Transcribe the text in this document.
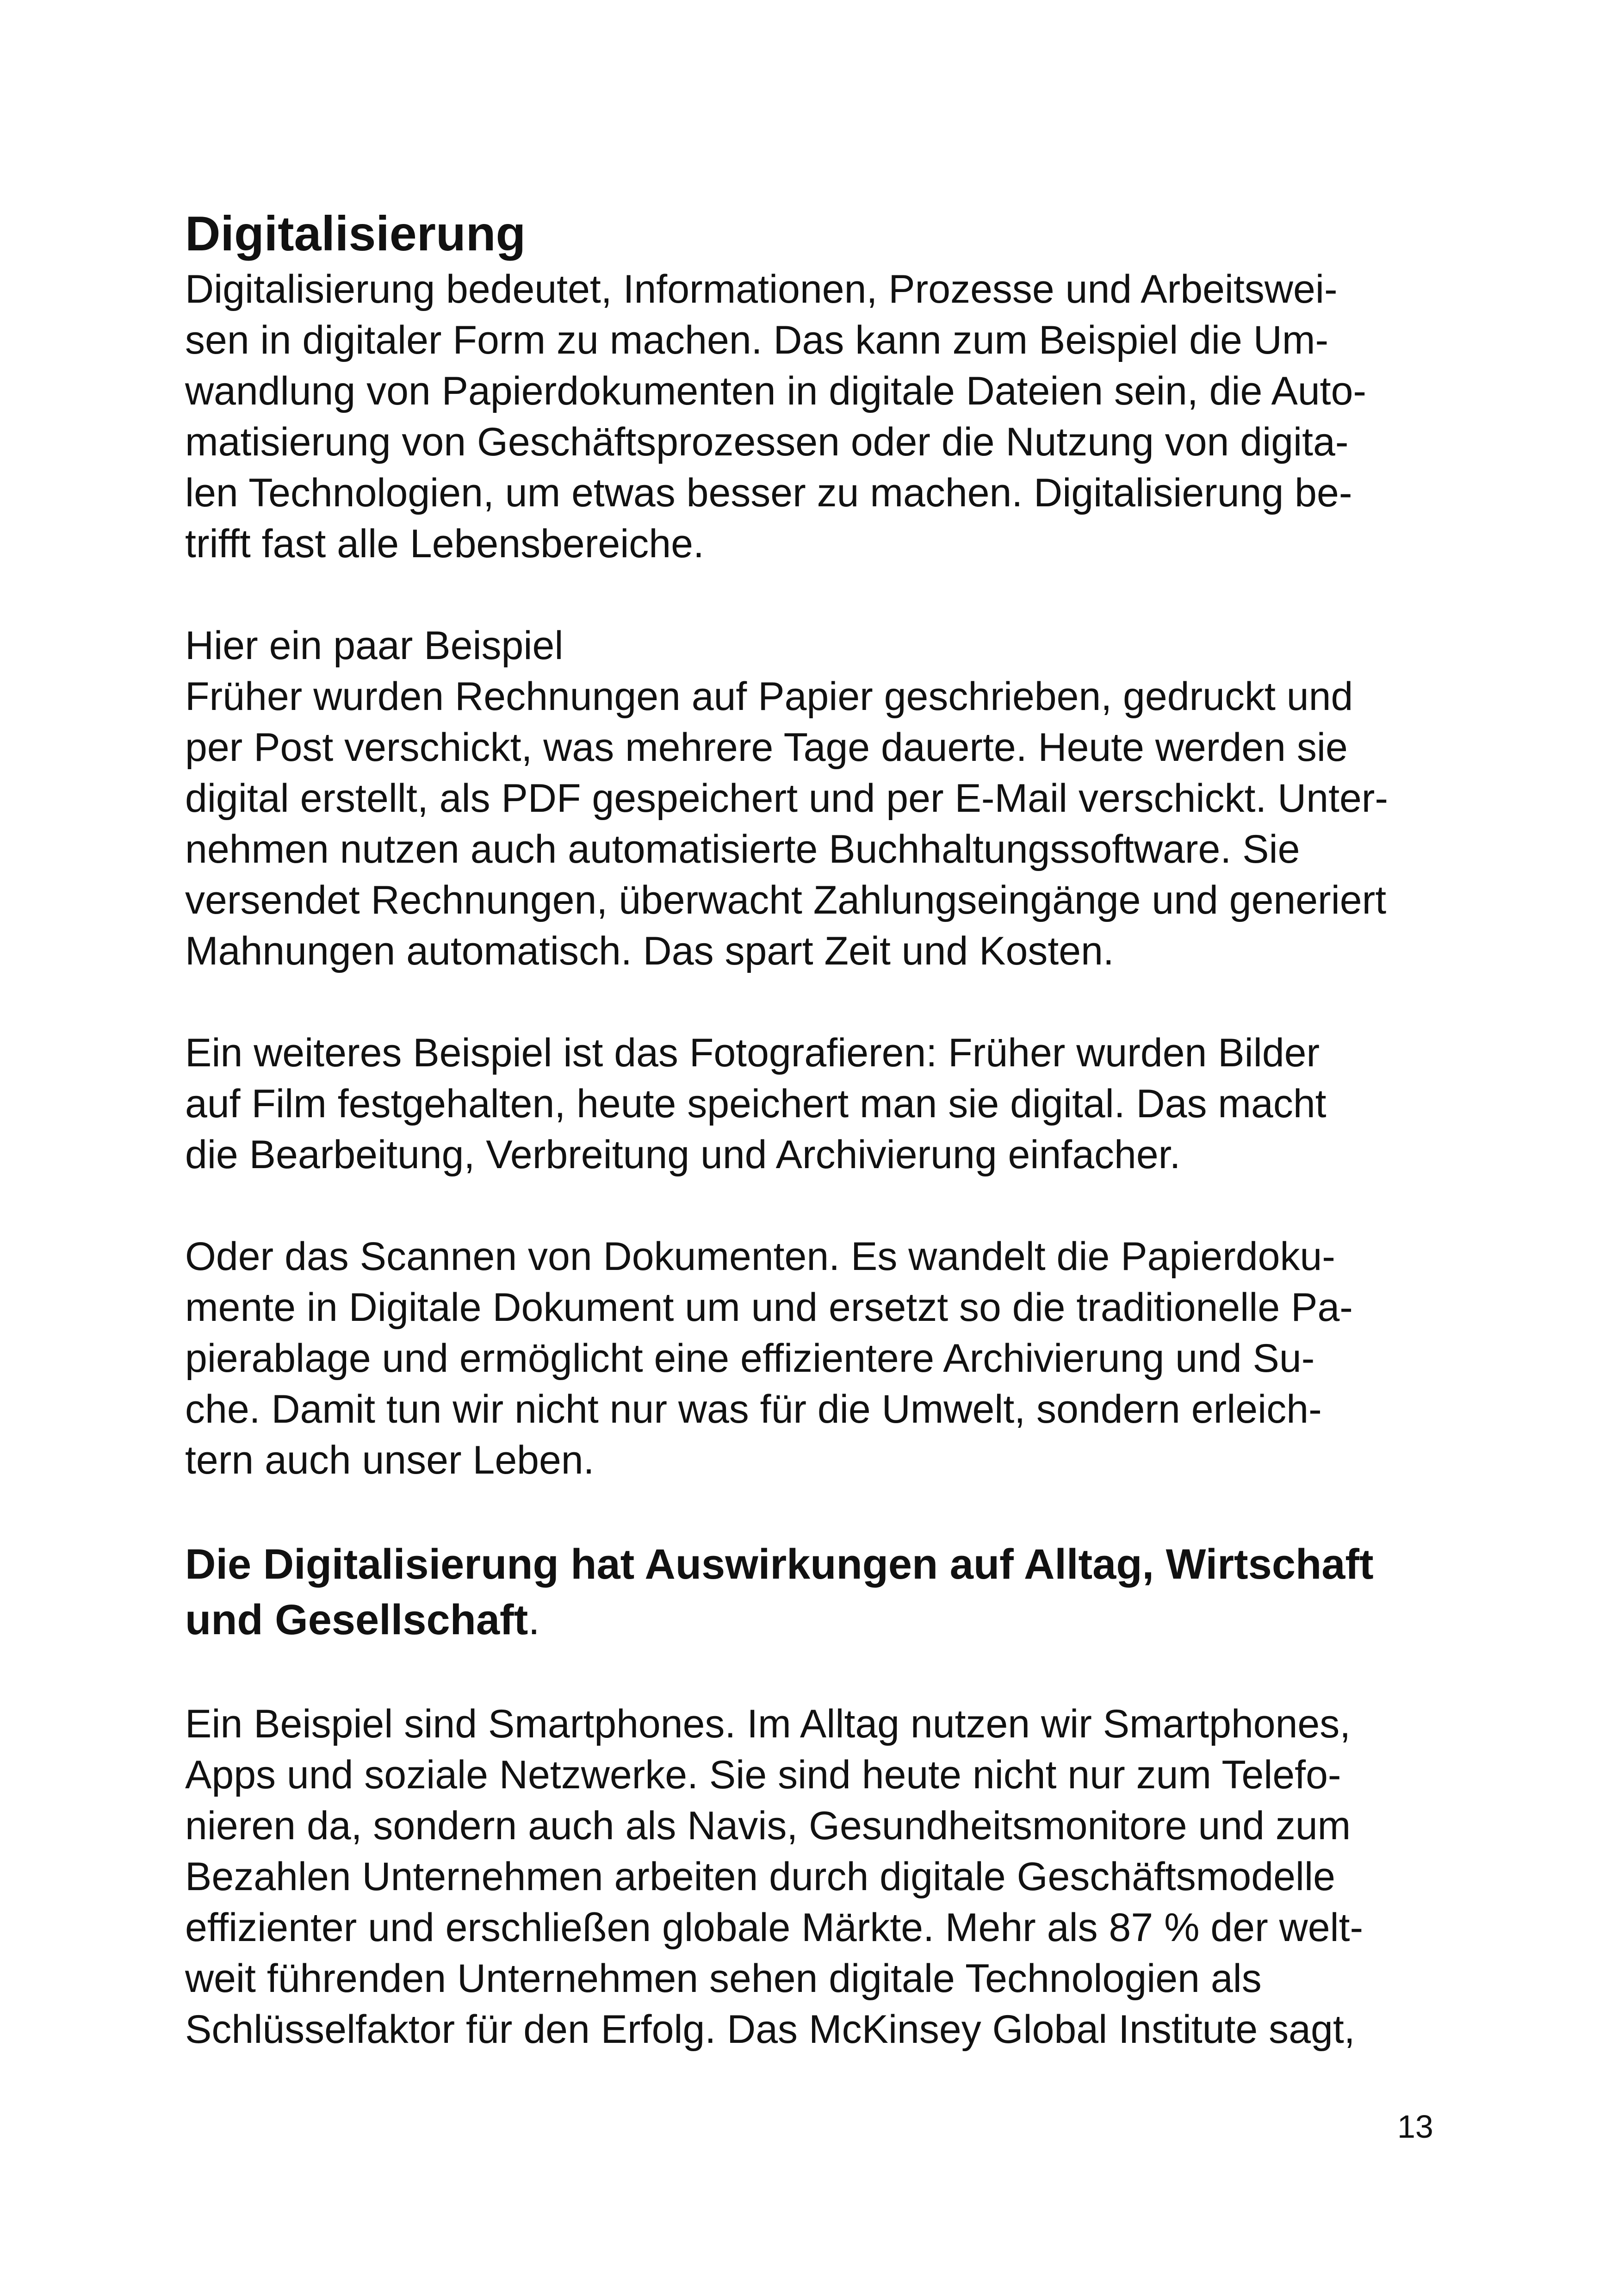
Digitalisierung
Digitalisierung bedeutet, Informationen, Prozesse und Arbeitswei-
sen in digitaler Form zu machen. Das kann zum Beispiel die Um-
wandlung von Papierdokumenten in digitale Dateien sein, die Auto-
matisierung von Geschäftsprozessen oder die Nutzung von digita-
len Technologien, um etwas besser zu machen. Digitalisierung be-
trifft fast alle Lebensbereiche.
Hier ein paar Beispiel
Früher wurden Rechnungen auf Papier geschrieben, gedruckt und
per Post verschickt, was mehrere Tage dauerte. Heute werden sie
digital erstellt, als PDF gespeichert und per E-Mail verschickt. Unter-
nehmen nutzen auch automatisierte Buchhaltungssoftware. Sie
versendet Rechnungen, überwacht Zahlungseingänge und generiert
Mahnungen automatisch. Das spart Zeit und Kosten.
Ein weiteres Beispiel ist das Fotografieren: Früher wurden Bilder
auf Film festgehalten, heute speichert man sie digital. Das macht
die Bearbeitung, Verbreitung und Archivierung einfacher.
Oder das Scannen von Dokumenten. Es wandelt die Papierdoku-
mente in Digitale Dokument um und ersetzt so die traditionelle Pa-
pierablage und ermöglicht eine effizientere Archivierung und Su-
che. Damit tun wir nicht nur was für die Umwelt, sondern erleich-
tern auch unser Leben.
Die Digitalisierung hat Auswirkungen auf Alltag, Wirtschaft
und Gesellschaft.
Ein Beispiel sind Smartphones. Im Alltag nutzen wir Smartphones,
Apps und soziale Netzwerke. Sie sind heute nicht nur zum Telefo-
nieren da, sondern auch als Navis, Gesundheitsmonitore und zum
Bezahlen Unternehmen arbeiten durch digitale Geschäftsmodelle
effizienter und erschließen globale Märkte. Mehr als 87 % der welt-
weit führenden Unternehmen sehen digitale Technologien als
Schlüsselfaktor für den Erfolg. Das McKinsey Global Institute sagt,
13
